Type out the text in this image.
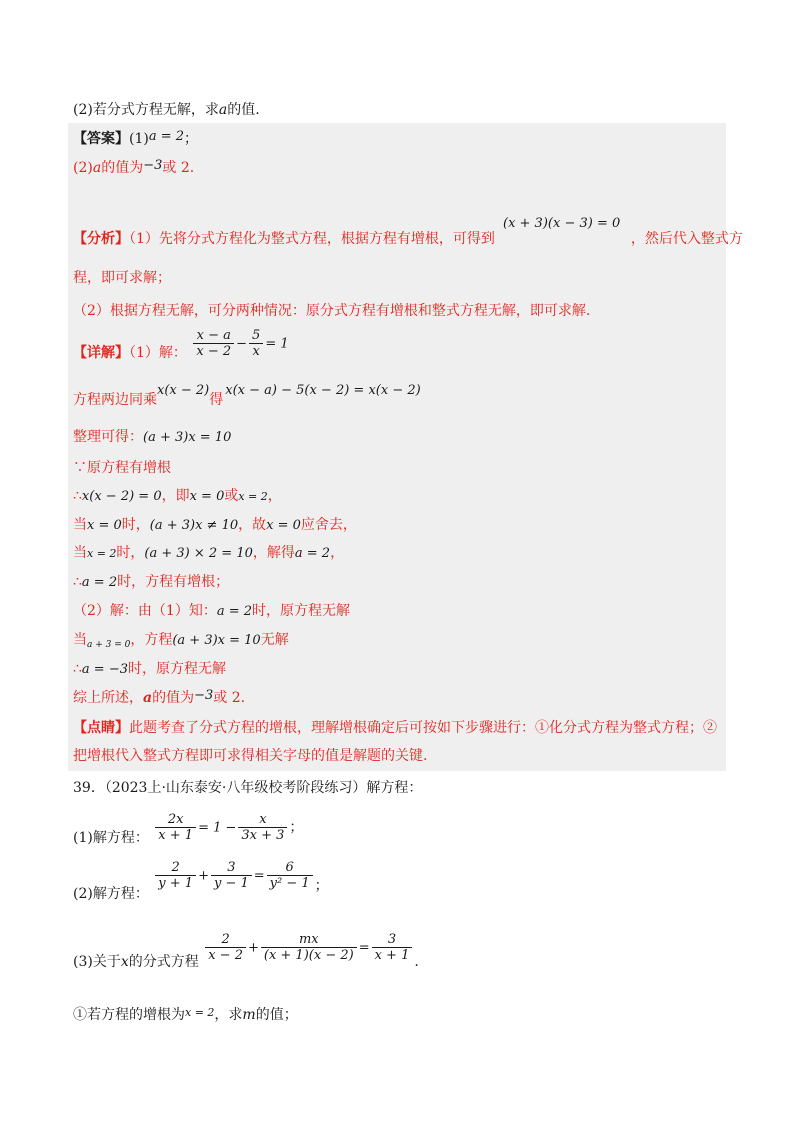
(2)若分式方程无解，求a的值.
【答案】(1)a = 2；
(2)a的值为−3或 2.
(x + 3)(x − 3) = 0
【分析】（1）先将分式方程化为整式方程，根据方程有增根，可得到	，然后代入整式方
程，即可求解；
（2）根据方程无解，可分两种情况：原分式方程有增根和整式方程无解，即可求解.
【详解】（1）解： $\frac{x - a}{x - 2} - \frac{5}{x} = 1$
方程两边同乘x(x − 2)得x(x − a) − 5(x − 2) = x(x − 2)
整理可得：(a + 3)x = 10
∵原方程有增根
∴x(x − 2) = 0，即x = 0或x = 2，
当x = 0时，(a + 3)x ≠ 10，故x = 0应舍去，
当x = 2时，(a + 3) × 2 = 10，解得a = 2，
∴a = 2时，方程有增根；
（2）解：由（1）知：a = 2时，原方程无解
当$_{a + 3 = 0}$，方程(a + 3)x = 10无解
∴a = −3时，原方程无解
综上所述，a的值为−3或 2.
【点睛】此题考查了分式方程的增根，理解增根确定后可按如下步骤进行：①化分式方程为整式方程；②
把增根代入整式方程即可求得相关字母的值是解题的关键.
39．（2023上·山东泰安·八年级校考阶段练习）解方程：
(1)解方程： $\frac{2x}{x + 1} = 1 - \frac{x}{3x + 3}$ ；
(2)解方程：
$\frac{2}{y + 1} + \frac{3}{y - 1} = \frac{6}{\text{y² − 1}}$ ；
(3)关于x的分式方程 $\frac{2}{x - 2} + \frac{mx}{(x + 1)(x - 2)} = \frac{3}{x + 1}$ .
①若方程的增根为$^{x = 2}$，求m的值；
